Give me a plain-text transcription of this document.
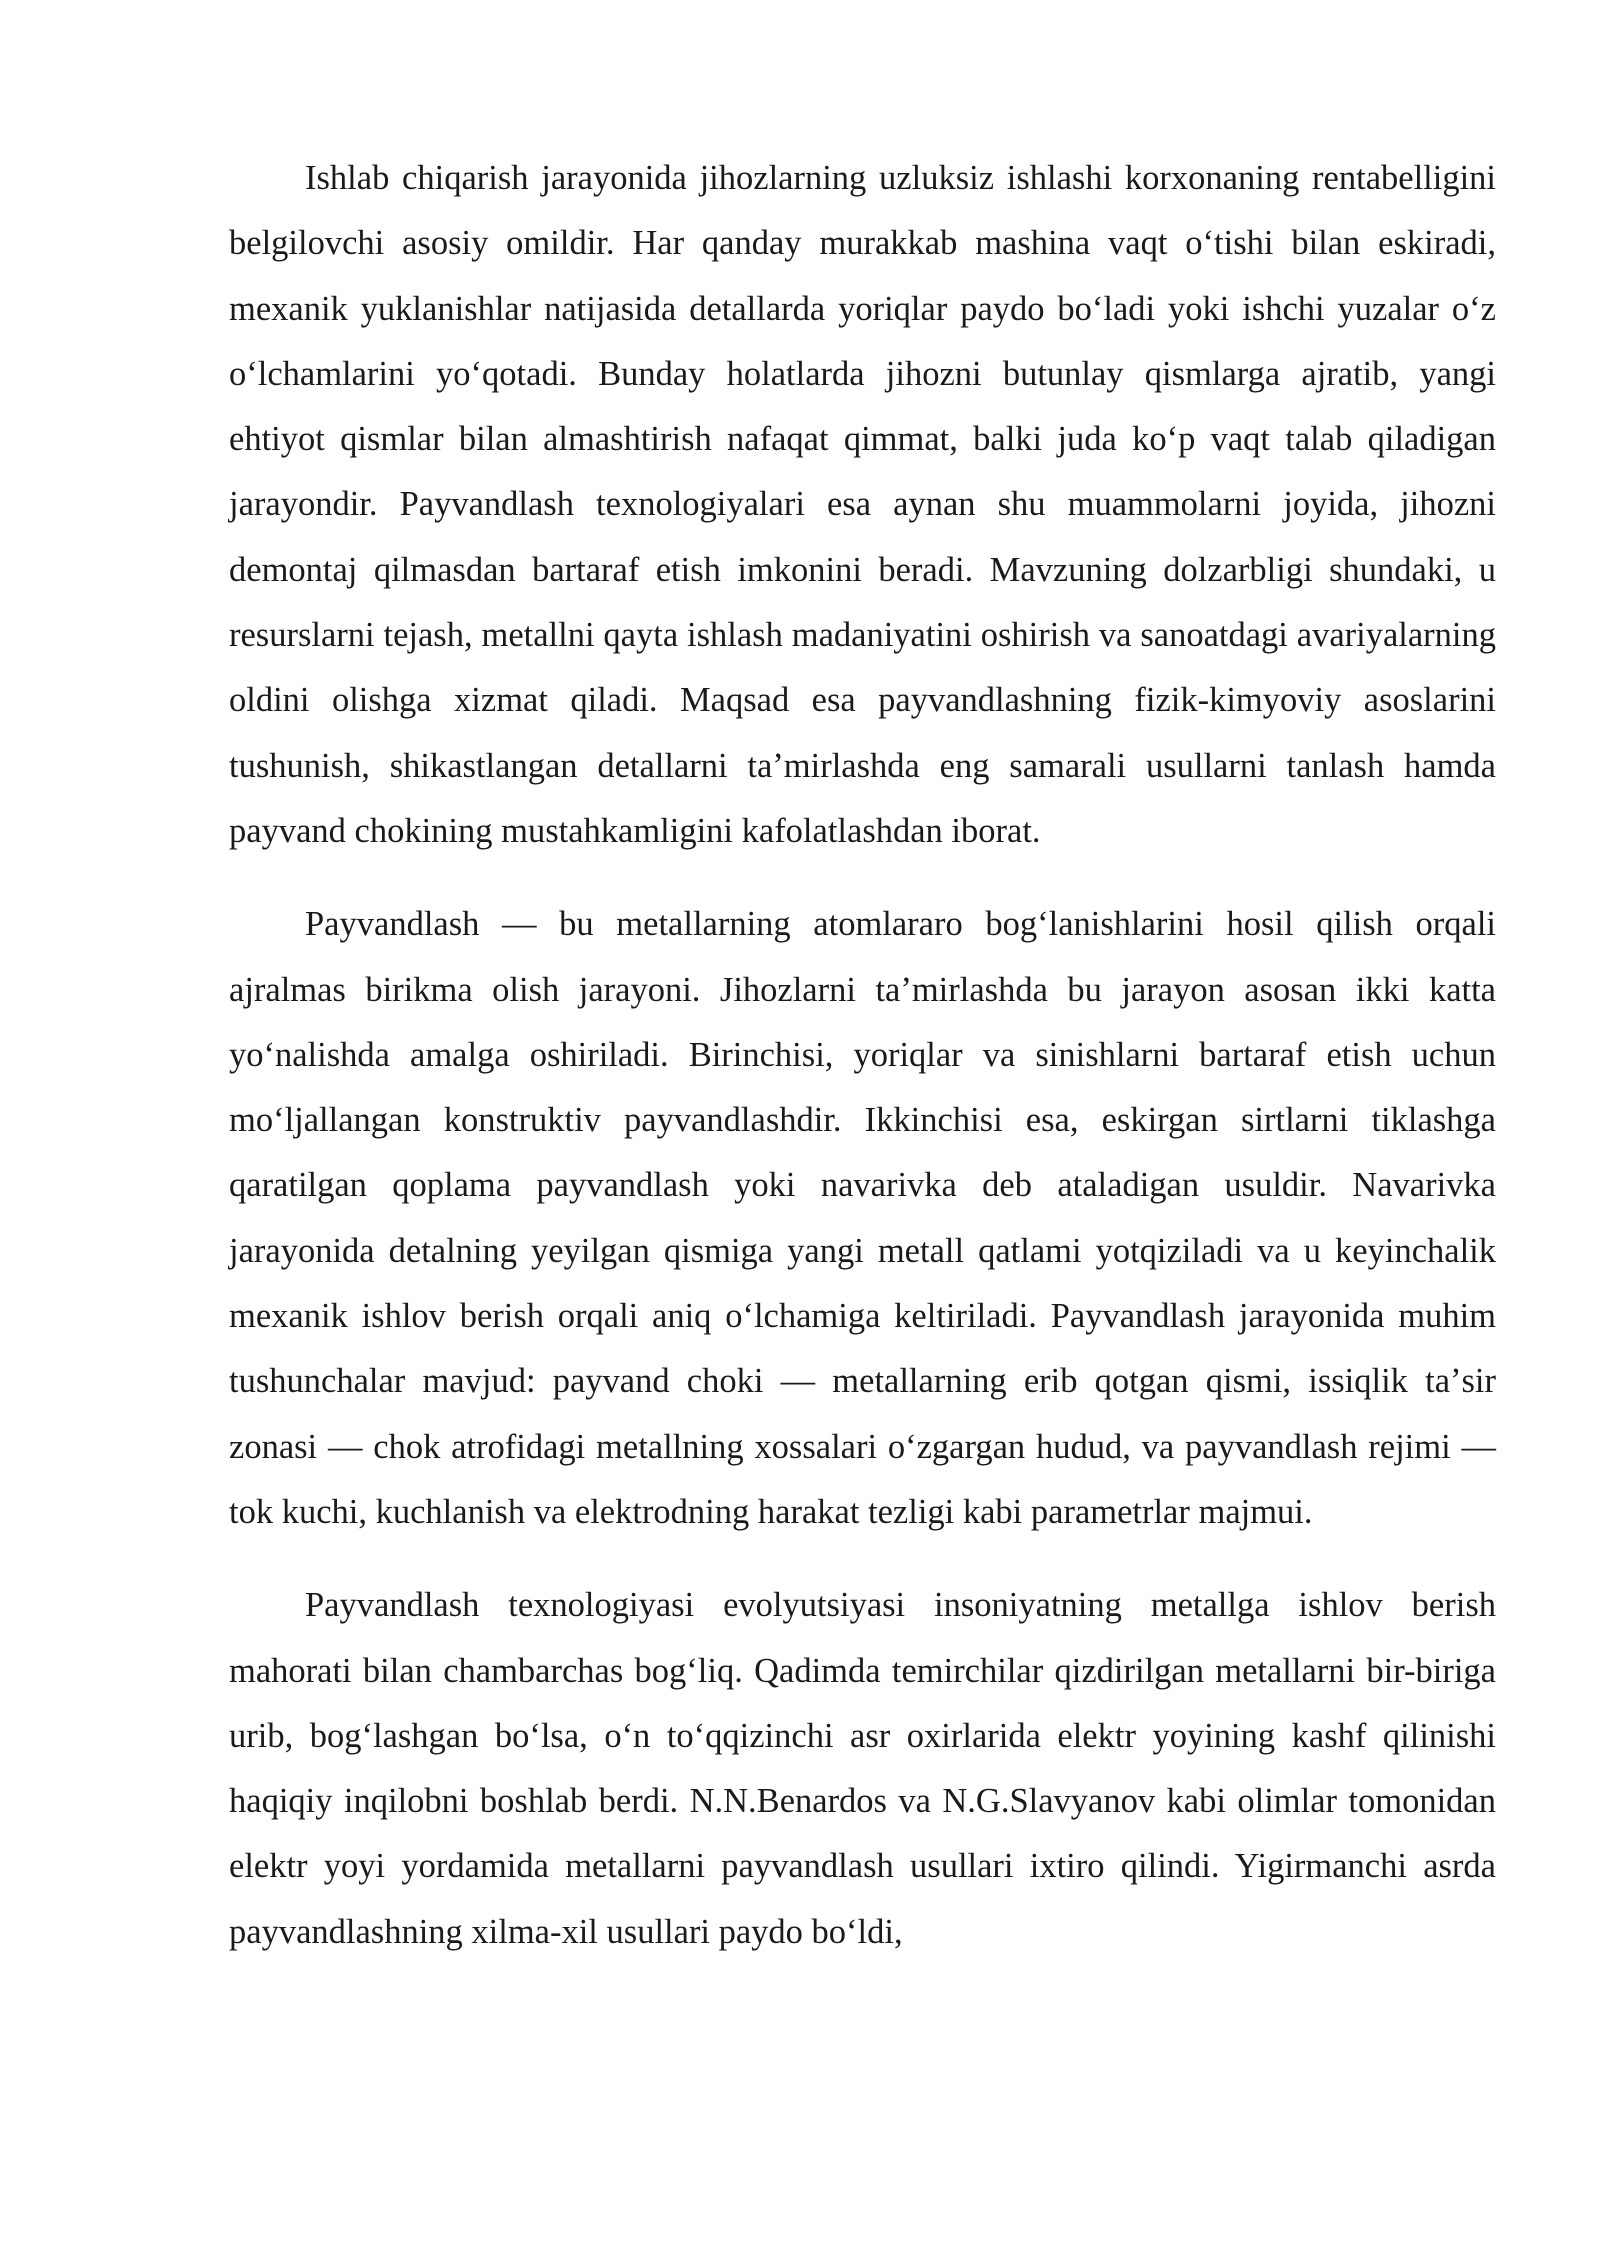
Ishlab chiqarish jarayonida jihozlarning uzluksiz ishlashi korxonaning rentabelligini belgilovchi asosiy omildir. Har qanday murakkab mashina vaqt oʻtishi bilan eskiradi, mexanik yuklanishlar natijasida detallarda yoriqlar paydo boʻladi yoki ishchi yuzalar oʻz oʻlchamlarini yoʻqotadi. Bunday holatlarda jihozni butunlay qismlarga ajratib, yangi ehtiyot qismlar bilan almashtirish nafaqat qimmat, balki juda koʻp vaqt talab qiladigan jarayondir. Payvandlash texnologiyalari esa aynan shu muammolarni joyida, jihozni demontaj qilmasdan bartaraf etish imkonini beradi. Mavzuning dolzarbligi shundaki, u resurslarni tejash, metallni qayta ishlash madaniyatini oshirish va sanoatdagi avariyalarning oldini olishga xizmat qiladi. Maqsad esa payvandlashning fizik-kimyoviy asoslarini tushunish, shikastlangan detallarni taʼmirlashda eng samarali usullarni tanlash hamda payvand chokining mustahkamligini kafolatlashdan iborat.

Payvandlash — bu metallarning atomlararo bogʻlanishlarini hosil qilish orqali ajralmas birikma olish jarayoni. Jihozlarni taʼmirlashda bu jarayon asosan ikki katta yoʻnalishda amalga oshiriladi. Birinchisi, yoriqlar va sinishlarni bartaraf etish uchun moʻljallangan konstruktiv payvandlashdir. Ikkinchisi esa, eskirgan sirtlarni tiklashga qaratilgan qoplama payvandlash yoki navarivka deb ataladigan usuldir. Navarivka jarayonida detalning yeyilgan qismiga yangi metall qatlami yotqiziladi va u keyinchalik mexanik ishlov berish orqali aniq oʻlchamiga keltiriladi. Payvandlash jarayonida muhim tushunchalar mavjud: payvand choki — metallarning erib qotgan qismi, issiqlik taʼsir zonasi — chok atrofidagi metallning xossalari oʻzgargan hudud, va payvandlash rejimi — tok kuchi, kuchlanish va elektrodning harakat tezligi kabi parametrlar majmui.

Payvandlash texnologiyasi evolyutsiyasi insoniyatning metallga ishlov berish mahorati bilan chambarchas bogʻliq. Qadimda temirchilar qizdirilgan metallarni bir-biriga urib, bogʻlashgan boʻlsa, oʻn toʻqqizinchi asr oxirlarida elektr yoyining kashf qilinishi haqiqiy inqilobni boshlab berdi. N.N.Benardos va N.G.Slavyanov kabi olimlar tomonidan elektr yoyi yordamida metallarni payvandlash usullari ixtiro qilindi. Yigirmanchi asrda payvandlashning xilma-xil usullari paydo boʻldi,
